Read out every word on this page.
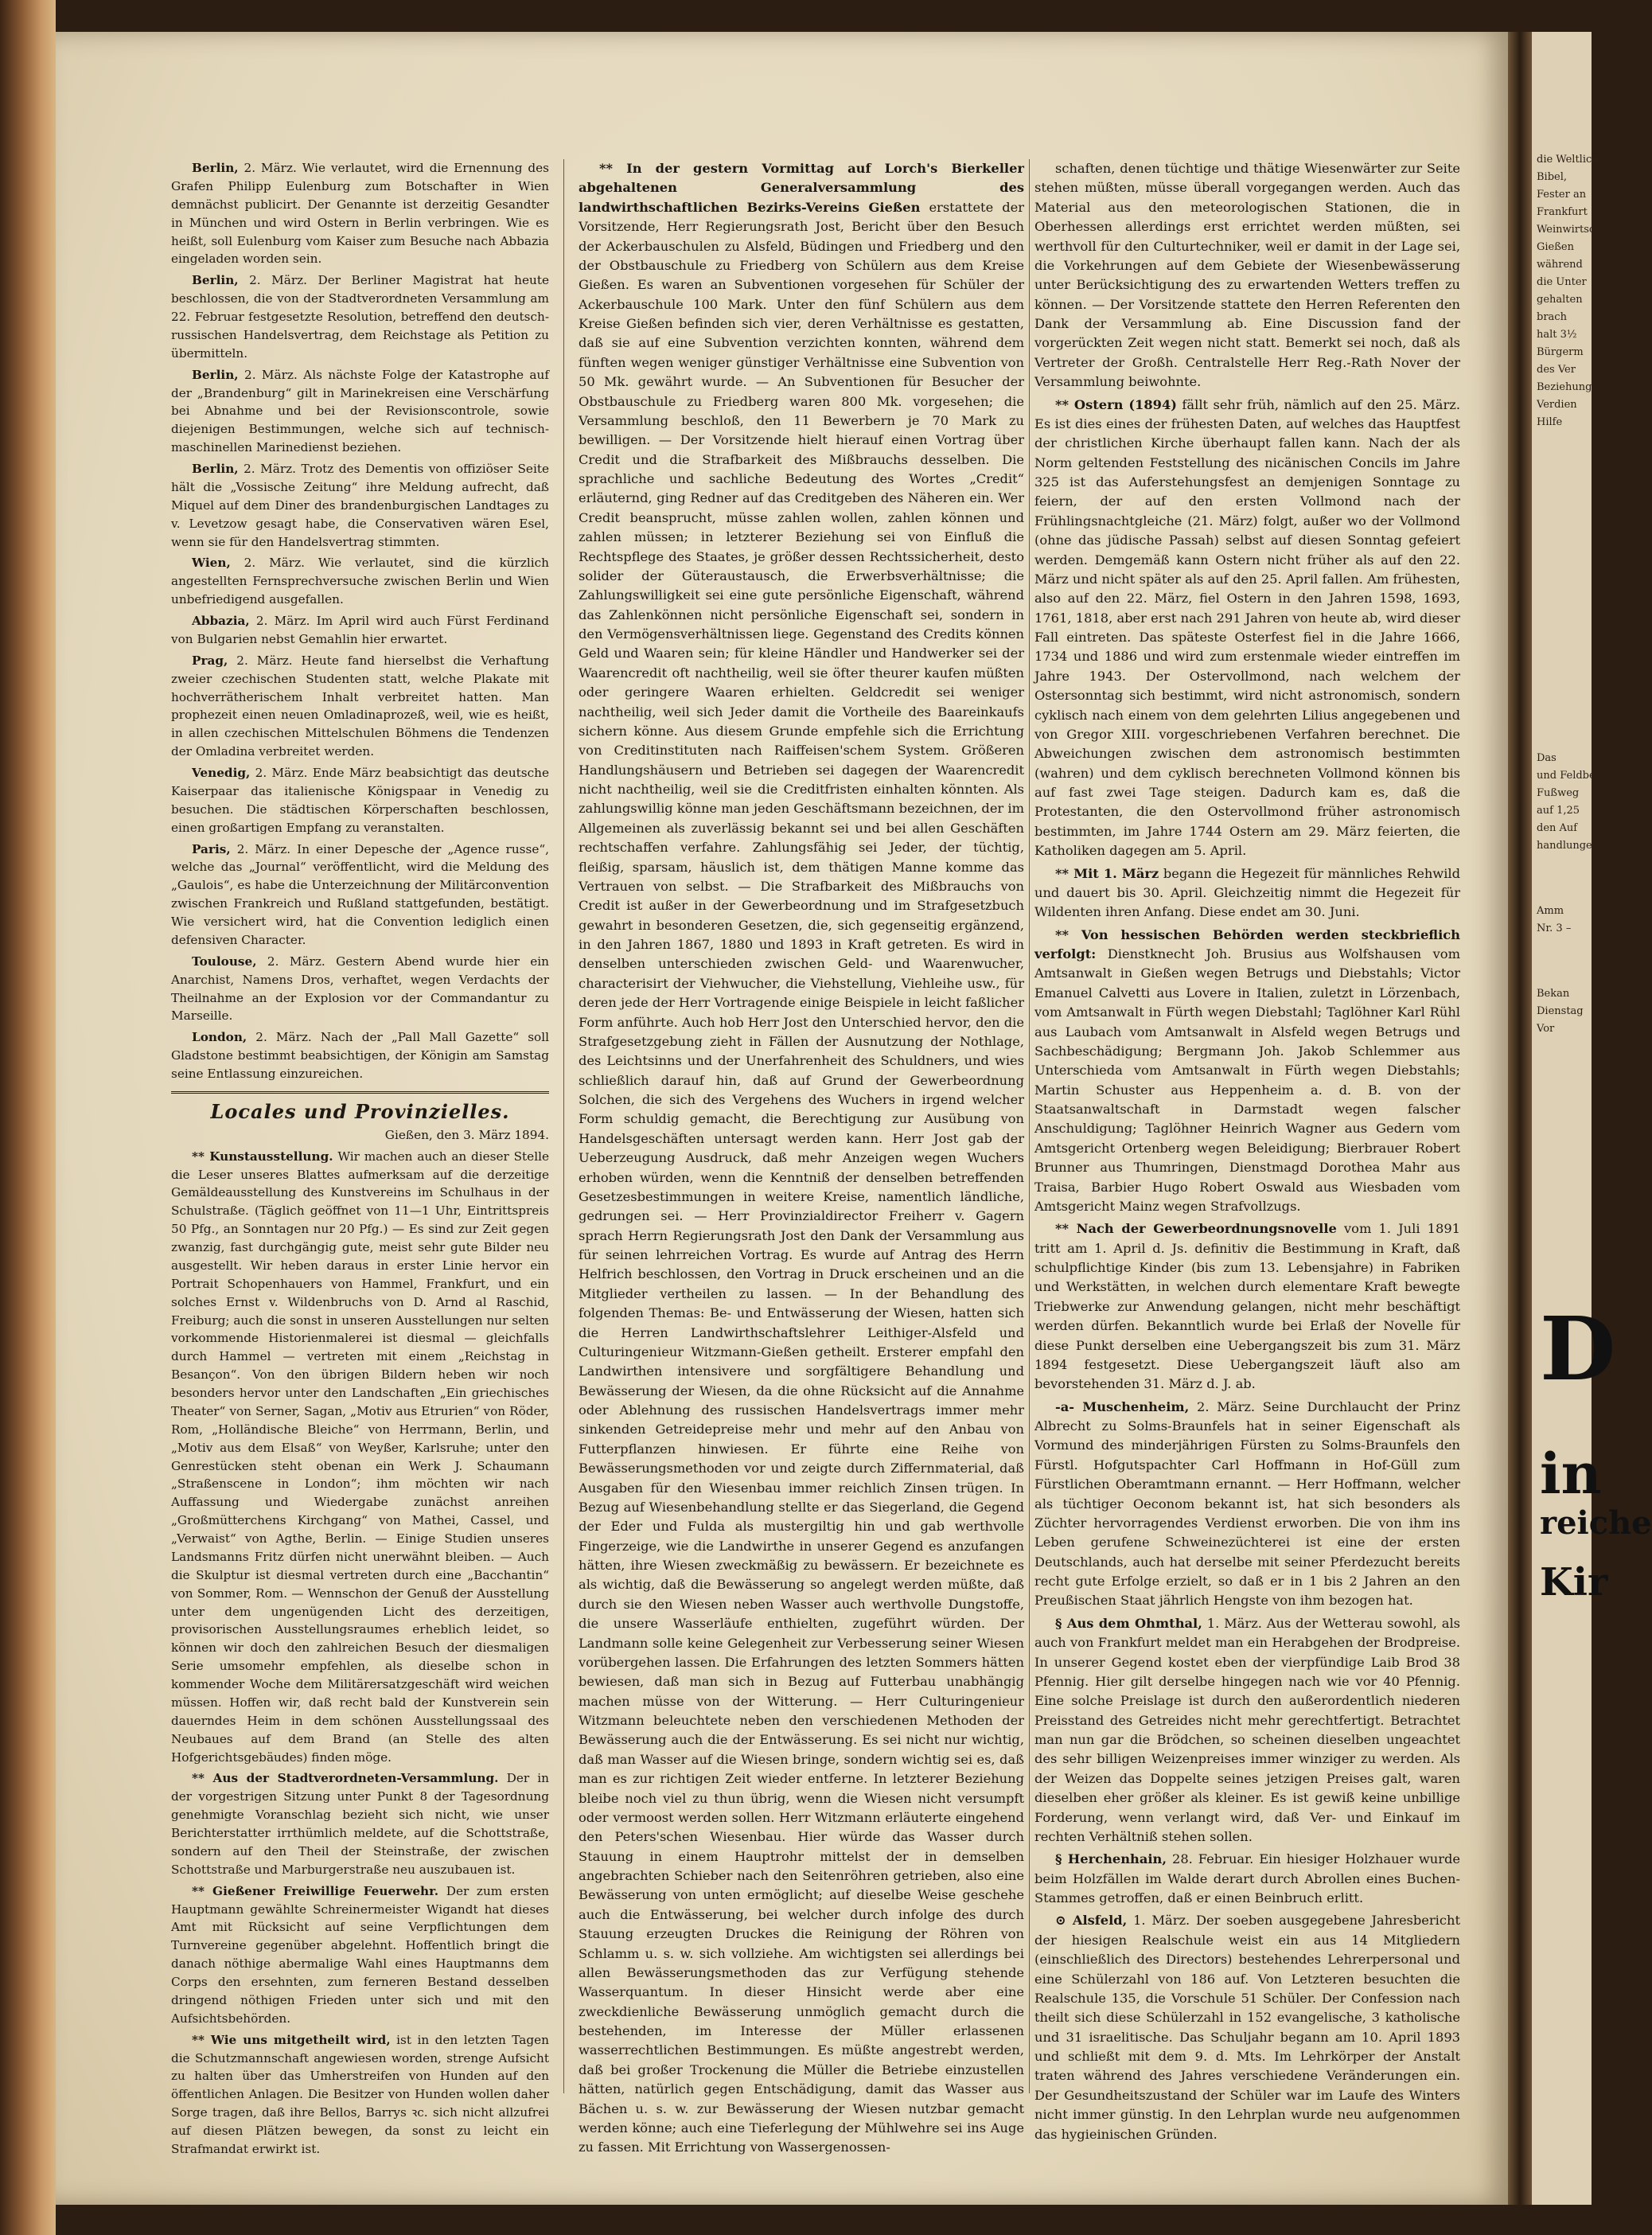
die Weltlich
Bibel,
Fester an
Frankfurt
Weinwirtsch
Gießen
während
die Unter
gehalten
brach
halt 3½
Bürgerm
des Ver
Beziehung
Verdien
Hilfe
Das
und Feldbe
Fußweg
auf 1,25
den Auf
handlunge
Amm
Nr. 3 –
Bekan
Dienstag
Vor
D
in
reiche
Kir

Berlin, 2. März. Wie verlautet, wird die Ernennung des Grafen Philipp Eulenburg zum Botschafter in Wien demnächst publicirt. Der Genannte ist derzeitig Gesandter in München und wird Ostern in Berlin verbringen. Wie es heißt, soll Eulenburg vom Kaiser zum Besuche nach Abbazia eingeladen worden sein.

Berlin, 2. März. Der Berliner Magistrat hat heute beschlossen, die von der Stadtverordneten Versammlung am 22. Februar festgesetzte Resolution, betreffend den deutsch-russischen Handelsvertrag, dem Reichstage als Petition zu übermitteln.

Berlin, 2. März. Als nächste Folge der Katastrophe auf der „Brandenburg“ gilt in Marinekreisen eine Verschärfung bei Abnahme und bei der Revisionscontrole, sowie diejenigen Bestimmungen, welche sich auf technisch-maschinellen Marinedienst beziehen.

Berlin, 2. März. Trotz des Dementis von offiziöser Seite hält die „Vossische Zeitung“ ihre Meldung aufrecht, daß Miquel auf dem Diner des brandenburgischen Landtages zu v. Levetzow gesagt habe, die Conservativen wären Esel, wenn sie für den Handelsvertrag stimmten.

Wien, 2. März. Wie verlautet, sind die kürzlich angestellten Fernsprechversuche zwischen Berlin und Wien unbefriedigend ausgefallen.

Abbazia, 2. März. Im April wird auch Fürst Ferdinand von Bulgarien nebst Gemahlin hier erwartet.

Prag, 2. März. Heute fand hierselbst die Verhaftung zweier czechischen Studenten statt, welche Plakate mit hochverrätherischem Inhalt verbreitet hatten. Man prophezeit einen neuen Omladinaprozeß, weil, wie es heißt, in allen czechischen Mittelschulen Böhmens die Tendenzen der Omladina verbreitet werden.

Venedig, 2. März. Ende März beabsichtigt das deutsche Kaiserpaar das italienische Königspaar in Venedig zu besuchen. Die städtischen Körperschaften beschlossen, einen großartigen Empfang zu veranstalten.

Paris, 2. März. In einer Depesche der „Agence russe“, welche das „Journal“ veröffentlicht, wird die Meldung des „Gaulois“, es habe die Unterzeichnung der Militärconvention zwischen Frankreich und Rußland stattgefunden, bestätigt. Wie versichert wird, hat die Convention lediglich einen defensiven Character.

Toulouse, 2. März. Gestern Abend wurde hier ein Anarchist, Namens Dros, verhaftet, wegen Verdachts der Theilnahme an der Explosion vor der Commandantur zu Marseille.

London, 2. März. Nach der „Pall Mall Gazette“ soll Gladstone bestimmt beabsichtigen, der Königin am Samstag seine Entlassung einzureichen.

Locales und Provinzielles.
Gießen, den 3. März 1894.

** Kunstausstellung. Wir machen auch an dieser Stelle die Leser unseres Blattes aufmerksam auf die derzeitige Gemäldeausstellung des Kunstvereins im Schulhaus in der Schulstraße. (Täglich geöffnet von 11—1 Uhr, Eintrittspreis 50 Pfg., an Sonntagen nur 20 Pfg.) — Es sind zur Zeit gegen zwanzig, fast durchgängig gute, meist sehr gute Bilder neu ausgestellt. Wir heben daraus in erster Linie hervor ein Portrait Schopenhauers von Hammel, Frankfurt, und ein solches Ernst v. Wildenbruchs von D. Arnd al Raschid, Freiburg; auch die sonst in unseren Ausstellungen nur selten vorkommende Historienmalerei ist diesmal — gleichfalls durch Hammel — vertreten mit einem „Reichstag in Besançon“. Von den übrigen Bildern heben wir noch besonders hervor unter den Landschaften „Ein griechisches Theater“ von Serner, Sagan, „Motiv aus Etrurien“ von Röder, Rom, „Holländische Bleiche“ von Herrmann, Berlin, und „Motiv aus dem Elsaß“ von Weyßer, Karlsruhe; unter den Genrestücken steht obenan ein Werk J. Schaumann „Straßenscene in London“; ihm möchten wir nach Auffassung und Wiedergabe zunächst anreihen „Großmütterchens Kirchgang“ von Mathei, Cassel, und „Verwaist“ von Agthe, Berlin. — Einige Studien unseres Landsmanns Fritz dürfen nicht unerwähnt bleiben. — Auch die Skulptur ist diesmal vertreten durch eine „Bacchantin“ von Sommer, Rom. — Wennschon der Genuß der Ausstellung unter dem ungenügenden Licht des derzeitigen, provisorischen Ausstellungsraumes erheblich leidet, so können wir doch den zahlreichen Besuch der diesmaligen Serie umsomehr empfehlen, als dieselbe schon in kommender Woche dem Militärersatzgeschäft wird weichen müssen. Hoffen wir, daß recht bald der Kunstverein sein dauerndes Heim in dem schönen Ausstellungssaal des Neubaues auf dem Brand (an Stelle des alten Hofgerichtsgebäudes) finden möge.

** Aus der Stadtverordneten-Versammlung. Der in der vorgestrigen Sitzung unter Punkt 8 der Tagesordnung genehmigte Voranschlag bezieht sich nicht, wie unser Berichterstatter irrthümlich meldete, auf die Schottstraße, sondern auf den Theil der Steinstraße, der zwischen Schottstraße und Marburgerstraße neu auszubauen ist.

** Gießener Freiwillige Feuerwehr. Der zum ersten Hauptmann gewählte Schreinermeister Wigandt hat dieses Amt mit Rücksicht auf seine Verpflichtungen dem Turnvereine gegenüber abgelehnt. Hoffentlich bringt die danach nöthige abermalige Wahl eines Hauptmanns dem Corps den ersehnten, zum ferneren Bestand desselben dringend nöthigen Frieden unter sich und mit den Aufsichtsbehörden.

** Wie uns mitgetheilt wird, ist in den letzten Tagen die Schutzmannschaft angewiesen worden, strenge Aufsicht zu halten über das Umherstreifen von Hunden auf den öffentlichen Anlagen. Die Besitzer von Hunden wollen daher Sorge tragen, daß ihre Bellos, Barrys ꝛc. sich nicht allzufrei auf diesen Plätzen bewegen, da sonst zu leicht ein Strafmandat erwirkt ist.

** In der gestern Vormittag auf Lorch's Bierkeller abgehaltenen Generalversammlung des landwirthschaftlichen Bezirks-Vereins Gießen erstattete der Vorsitzende, Herr Regierungsrath Jost, Bericht über den Besuch der Ackerbauschulen zu Alsfeld, Büdingen und Friedberg und den der Obstbauschule zu Friedberg von Schülern aus dem Kreise Gießen. Es waren an Subventionen vorgesehen für Schüler der Ackerbauschule 100 Mark. Unter den fünf Schülern aus dem Kreise Gießen befinden sich vier, deren Verhältnisse es gestatten, daß sie auf eine Subvention verzichten konnten, während dem fünften wegen weniger günstiger Verhältnisse eine Subvention von 50 Mk. gewährt wurde. — An Subventionen für Besucher der Obstbauschule zu Friedberg waren 800 Mk. vorgesehen; die Versammlung beschloß, den 11 Bewerbern je 70 Mark zu bewilligen. — Der Vorsitzende hielt hierauf einen Vortrag über Credit und die Strafbarkeit des Mißbrauchs desselben. Die sprachliche und sachliche Bedeutung des Wortes „Credit“ erläuternd, ging Redner auf das Creditgeben des Näheren ein. Wer Credit beansprucht, müsse zahlen wollen, zahlen können und zahlen müssen; in letzterer Beziehung sei von Einfluß die Rechtspflege des Staates, je größer dessen Rechtssicherheit, desto solider der Güteraustausch, die Erwerbsverhältnisse; die Zahlungswilligkeit sei eine gute persönliche Eigenschaft, während das Zahlenkönnen nicht persönliche Eigenschaft sei, sondern in den Vermögensverhältnissen liege. Gegenstand des Credits können Geld und Waaren sein; für kleine Händler und Handwerker sei der Waarencredit oft nachtheilig, weil sie öfter theurer kaufen müßten oder geringere Waaren erhielten. Geldcredit sei weniger nachtheilig, weil sich Jeder damit die Vortheile des Baareinkaufs sichern könne. Aus diesem Grunde empfehle sich die Errichtung von Creditinstituten nach Raiffeisen'schem System. Größeren Handlungshäusern und Betrieben sei dagegen der Waarencredit nicht nachtheilig, weil sie die Creditfristen einhalten könnten. Als zahlungswillig könne man jeden Geschäftsmann bezeichnen, der im Allgemeinen als zuverlässig bekannt sei und bei allen Geschäften rechtschaffen verfahre. Zahlungsfähig sei Jeder, der tüchtig, fleißig, sparsam, häuslich ist, dem thätigen Manne komme das Vertrauen von selbst. — Die Strafbarkeit des Mißbrauchs von Credit ist außer in der Gewerbeordnung und im Strafgesetzbuch gewahrt in besonderen Gesetzen, die, sich gegenseitig ergänzend, in den Jahren 1867, 1880 und 1893 in Kraft getreten. Es wird in denselben unterschieden zwischen Geld- und Waarenwucher, characterisirt der Viehwucher, die Viehstellung, Viehleihe usw., für deren jede der Herr Vortragende einige Beispiele in leicht faßlicher Form anführte. Auch hob Herr Jost den Unterschied hervor, den die Strafgesetzgebung zieht in Fällen der Ausnutzung der Nothlage, des Leichtsinns und der Unerfahrenheit des Schuldners, und wies schließlich darauf hin, daß auf Grund der Gewerbeordnung Solchen, die sich des Vergehens des Wuchers in irgend welcher Form schuldig gemacht, die Berechtigung zur Ausübung von Handelsgeschäften untersagt werden kann. Herr Jost gab der Ueberzeugung Ausdruck, daß mehr Anzeigen wegen Wuchers erhoben würden, wenn die Kenntniß der denselben betreffenden Gesetzesbestimmungen in weitere Kreise, namentlich ländliche, gedrungen sei. — Herr Provinzialdirector Freiherr v. Gagern sprach Herrn Regierungsrath Jost den Dank der Versammlung aus für seinen lehrreichen Vortrag. Es wurde auf Antrag des Herrn Helfrich beschlossen, den Vortrag in Druck erscheinen und an die Mitglieder vertheilen zu lassen. — In der Behandlung des folgenden Themas: Be- und Entwässerung der Wiesen, hatten sich die Herren Landwirthschaftslehrer Leithiger-Alsfeld und Culturingenieur Witzmann-Gießen getheilt. Ersterer empfahl den Landwirthen intensivere und sorgfältigere Behandlung und Bewässerung der Wiesen, da die ohne Rücksicht auf die Annahme oder Ablehnung des russischen Handelsvertrags immer mehr sinkenden Getreidepreise mehr und mehr auf den Anbau von Futterpflanzen hinwiesen. Er führte eine Reihe von Bewässerungsmethoden vor und zeigte durch Ziffernmaterial, daß Ausgaben für den Wiesenbau immer reichlich Zinsen trügen. In Bezug auf Wiesenbehandlung stellte er das Siegerland, die Gegend der Eder und Fulda als mustergiltig hin und gab werthvolle Fingerzeige, wie die Landwirthe in unserer Gegend es anzufangen hätten, ihre Wiesen zweckmäßig zu bewässern. Er bezeichnete es als wichtig, daß die Bewässerung so angelegt werden müßte, daß durch sie den Wiesen neben Wasser auch werthvolle Dungstoffe, die unsere Wasserläufe enthielten, zugeführt würden. Der Landmann solle keine Gelegenheit zur Verbesserung seiner Wiesen vorübergehen lassen. Die Erfahrungen des letzten Sommers hätten bewiesen, daß man sich in Bezug auf Futterbau unabhängig machen müsse von der Witterung. — Herr Culturingenieur Witzmann beleuchtete neben den verschiedenen Methoden der Bewässerung auch die der Entwässerung. Es sei nicht nur wichtig, daß man Wasser auf die Wiesen bringe, sondern wichtig sei es, daß man es zur richtigen Zeit wieder entferne. In letzterer Beziehung bleibe noch viel zu thun übrig, wenn die Wiesen nicht versumpft oder vermoost werden sollen. Herr Witzmann erläuterte eingehend den Peters'schen Wiesenbau. Hier würde das Wasser durch Stauung in einem Hauptrohr mittelst der in demselben angebrachten Schieber nach den Seitenröhren getrieben, also eine Bewässerung von unten ermöglicht; auf dieselbe Weise geschehe auch die Entwässerung, bei welcher durch infolge des durch Stauung erzeugten Druckes die Reinigung der Röhren von Schlamm u. s. w. sich vollziehe. Am wichtigsten sei allerdings bei allen Bewässerungsmethoden das zur Verfügung stehende Wasserquantum. In dieser Hinsicht werde aber eine zweckdienliche Bewässerung unmöglich gemacht durch die bestehenden, im Interesse der Müller erlassenen wasserrechtlichen Bestimmungen. Es müßte angestrebt werden, daß bei großer Trockenung die Müller die Betriebe einzustellen hätten, natürlich gegen Entschädigung, damit das Wasser aus Bächen u. s. w. zur Bewässerung der Wiesen nutzbar gemacht werden könne; auch eine Tieferlegung der Mühlwehre sei ins Auge zu fassen. Mit Errichtung von Wassergenossen-

schaften, denen tüchtige und thätige Wiesenwärter zur Seite stehen müßten, müsse überall vorgegangen werden. Auch das Material aus den meteorologischen Stationen, die in Oberhessen allerdings erst errichtet werden müßten, sei werthvoll für den Culturtechniker, weil er damit in der Lage sei, die Vorkehrungen auf dem Gebiete der Wiesenbewässerung unter Berücksichtigung des zu erwartenden Wetters treffen zu können. — Der Vorsitzende stattete den Herren Referenten den Dank der Versammlung ab. Eine Discussion fand der vorgerückten Zeit wegen nicht statt. Bemerkt sei noch, daß als Vertreter der Großh. Centralstelle Herr Reg.-Rath Nover der Versammlung beiwohnte.

** Ostern (1894) fällt sehr früh, nämlich auf den 25. März. Es ist dies eines der frühesten Daten, auf welches das Hauptfest der christlichen Kirche überhaupt fallen kann. Nach der als Norm geltenden Feststellung des nicänischen Concils im Jahre 325 ist das Auferstehungsfest an demjenigen Sonntage zu feiern, der auf den ersten Vollmond nach der Frühlingsnachtgleiche (21. März) folgt, außer wo der Vollmond (ohne das jüdische Passah) selbst auf diesen Sonntag gefeiert werden. Demgemäß kann Ostern nicht früher als auf den 22. März und nicht später als auf den 25. April fallen. Am frühesten, also auf den 22. März, fiel Ostern in den Jahren 1598, 1693, 1761, 1818, aber erst nach 291 Jahren von heute ab, wird dieser Fall eintreten. Das späteste Osterfest fiel in die Jahre 1666, 1734 und 1886 und wird zum erstenmale wieder eintreffen im Jahre 1943. Der Ostervollmond, nach welchem der Ostersonntag sich bestimmt, wird nicht astronomisch, sondern cyklisch nach einem von dem gelehrten Lilius angegebenen und von Gregor XIII. vorgeschriebenen Verfahren berechnet. Die Abweichungen zwischen dem astronomisch bestimmten (wahren) und dem cyklisch berechneten Vollmond können bis auf fast zwei Tage steigen. Dadurch kam es, daß die Protestanten, die den Ostervollmond früher astronomisch bestimmten, im Jahre 1744 Ostern am 29. März feierten, die Katholiken dagegen am 5. April.

** Mit 1. März begann die Hegezeit für männliches Rehwild und dauert bis 30. April. Gleichzeitig nimmt die Hegezeit für Wildenten ihren Anfang. Diese endet am 30. Juni.

** Von hessischen Behörden werden steckbrieflich verfolgt: Dienstknecht Joh. Brusius aus Wolfshausen vom Amtsanwalt in Gießen wegen Betrugs und Diebstahls; Victor Emanuel Calvetti aus Lovere in Italien, zuletzt in Lörzenbach, vom Amtsanwalt in Fürth wegen Diebstahl; Taglöhner Karl Rühl aus Laubach vom Amtsanwalt in Alsfeld wegen Betrugs und Sachbeschädigung; Bergmann Joh. Jakob Schlemmer aus Unterschieda vom Amtsanwalt in Fürth wegen Diebstahls; Martin Schuster aus Heppenheim a. d. B. von der Staatsanwaltschaft in Darmstadt wegen falscher Anschuldigung; Taglöhner Heinrich Wagner aus Gedern vom Amtsgericht Ortenberg wegen Beleidigung; Bierbrauer Robert Brunner aus Thumringen, Dienstmagd Dorothea Mahr aus Traisa, Barbier Hugo Robert Oswald aus Wiesbaden vom Amtsgericht Mainz wegen Strafvollzugs.

** Nach der Gewerbeordnungsnovelle vom 1. Juli 1891 tritt am 1. April d. Js. definitiv die Bestimmung in Kraft, daß schulpflichtige Kinder (bis zum 13. Lebensjahre) in Fabriken und Werkstätten, in welchen durch elementare Kraft bewegte Triebwerke zur Anwendung gelangen, nicht mehr beschäftigt werden dürfen. Bekanntlich wurde bei Erlaß der Novelle für diese Punkt derselben eine Uebergangszeit bis zum 31. März 1894 festgesetzt. Diese Uebergangszeit läuft also am bevorstehenden 31. März d. J. ab.

-a- Muschenheim, 2. März. Seine Durchlaucht der Prinz Albrecht zu Solms-Braunfels hat in seiner Eigenschaft als Vormund des minderjährigen Fürsten zu Solms-Braunfels den Fürstl. Hofgutspachter Carl Hoffmann in Hof-Güll zum Fürstlichen Oberamtmann ernannt. — Herr Hoffmann, welcher als tüchtiger Oeconom bekannt ist, hat sich besonders als Züchter hervorragendes Verdienst erworben. Die von ihm ins Leben gerufene Schweinezüchterei ist eine der ersten Deutschlands, auch hat derselbe mit seiner Pferdezucht bereits recht gute Erfolge erzielt, so daß er in 1 bis 2 Jahren an den Preußischen Staat jährlich Hengste von ihm bezogen hat.

§ Aus dem Ohmthal, 1. März. Aus der Wetterau sowohl, als auch von Frankfurt meldet man ein Herabgehen der Brodpreise. In unserer Gegend kostet eben der vierpfündige Laib Brod 38 Pfennig. Hier gilt derselbe hingegen nach wie vor 40 Pfennig. Eine solche Preislage ist durch den außerordentlich niederen Preisstand des Getreides nicht mehr gerechtfertigt. Betrachtet man nun gar die Brödchen, so scheinen dieselben ungeachtet des sehr billigen Weizenpreises immer winziger zu werden. Als der Weizen das Doppelte seines jetzigen Preises galt, waren dieselben eher größer als kleiner. Es ist gewiß keine unbillige Forderung, wenn verlangt wird, daß Ver- und Einkauf im rechten Verhältniß stehen sollen.

§ Herchenhain, 28. Februar. Ein hiesiger Holzhauer wurde beim Holzfällen im Walde derart durch Abrollen eines Buchen-Stammes getroffen, daß er einen Beinbruch erlitt.

⊙ Alsfeld, 1. März. Der soeben ausgegebene Jahresbericht der hiesigen Realschule weist ein aus 14 Mitgliedern (einschließlich des Directors) bestehendes Lehrerpersonal und eine Schülerzahl von 186 auf. Von Letzteren besuchten die Realschule 135, die Vorschule 51 Schüler. Der Confession nach theilt sich diese Schülerzahl in 152 evangelische, 3 katholische und 31 israelitische. Das Schuljahr begann am 10. April 1893 und schließt mit dem 9. d. Mts. Im Lehrkörper der Anstalt traten während des Jahres verschiedene Veränderungen ein. Der Gesundheitszustand der Schüler war im Laufe des Winters nicht immer günstig. In den Lehrplan wurde neu aufgenommen das hygieinischen Gründen.
